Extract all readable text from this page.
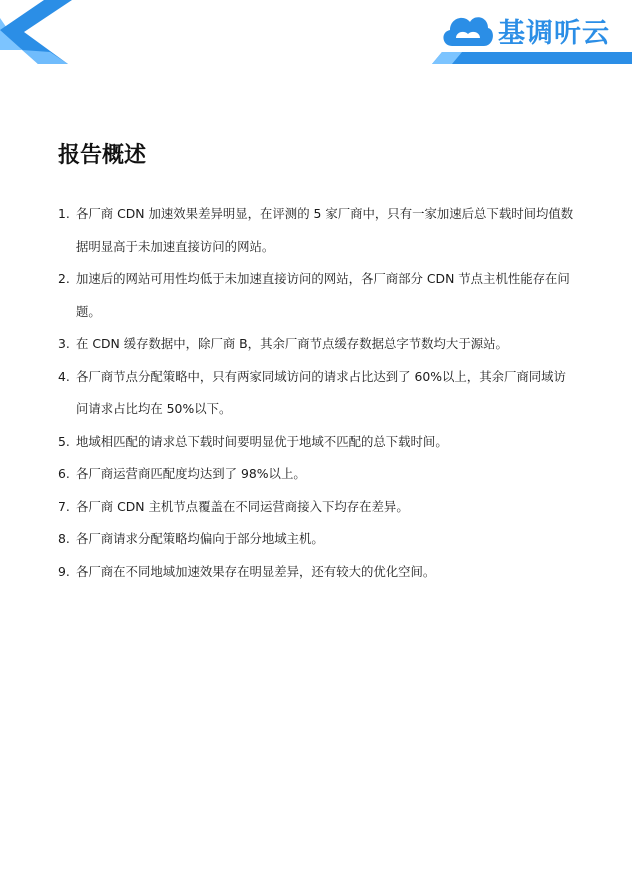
基调听云
报告概述
1. 各厂商 CDN 加速效果差异明显，在评测的 5 家厂商中，只有一家加速后总下载时间均值数据明显高于未加速直接访问的网站。
2. 加速后的网站可用性均低于未加速直接访问的网站，各厂商部分 CDN 节点主机性能存在问题。
3. 在 CDN 缓存数据中，除厂商 B，其余厂商节点缓存数据总字节数均大于源站。
4. 各厂商节点分配策略中，只有两家同域访问的请求占比达到了 60%以上，其余厂商同域访问请求占比均在 50%以下。
5. 地域相匹配的请求总下载时间要明显优于地域不匹配的总下载时间。
6. 各厂商运营商匹配度均达到了 98%以上。
7. 各厂商 CDN 主机节点覆盖在不同运营商接入下均存在差异。
8. 各厂商请求分配策略均偏向于部分地域主机。
9. 各厂商在不同地域加速效果存在明显差异，还有较大的优化空间。
